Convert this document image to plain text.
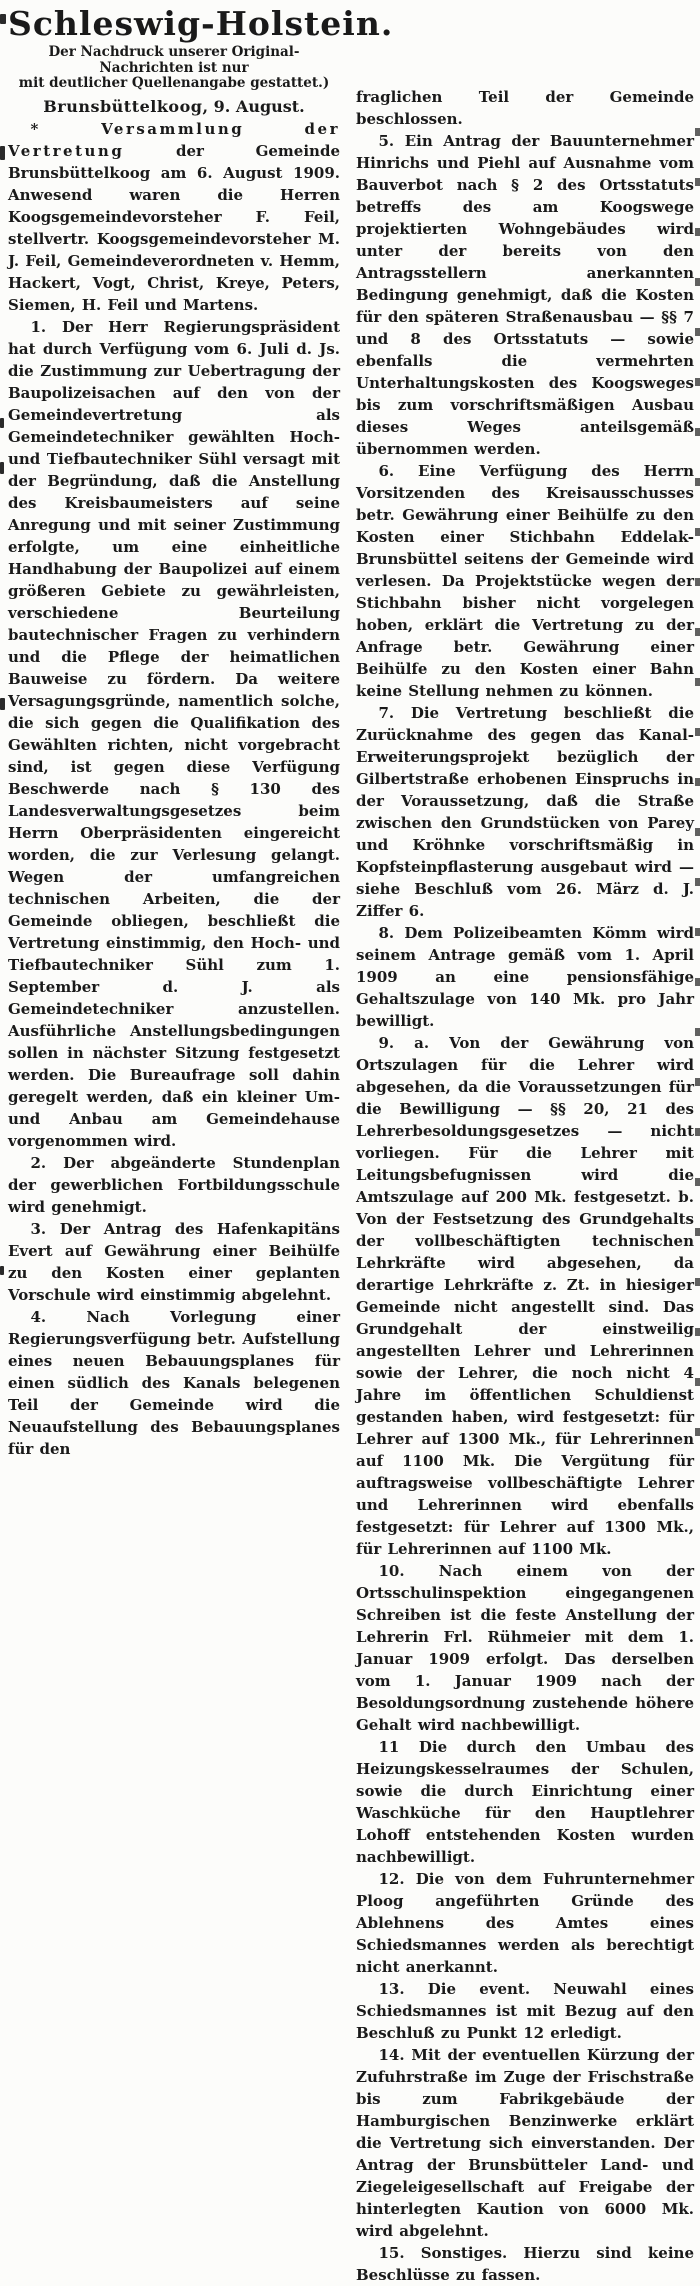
Schleswig-Holstein.
Der Nachdruck unserer Original-Nachrichten ist nur
mit deutlicher Quellenangabe gestattet.)
Brunsbüttelkoog, 9. August.

* Versammlung der Vertretung der Gemeinde Brunsbüttelkoog am 6. August 1909. Anwesend waren die Herren Koogsgemeindevorsteher F. Feil, stellvertr. Koogsgemeindevorsteher M. J. Feil, Gemeindeverordneten v. Hemm, Hackert, Vogt, Christ, Kreye, Peters, Siemen, H. Feil und Martens.

1. Der Herr Regierungspräsident hat durch Verfügung vom 6. Juli d. Js. die Zustimmung zur Uebertragung der Baupolizeisachen auf den von der Gemeindevertretung als Gemeindetechniker gewählten Hoch- und Tiefbautechniker Sühl versagt mit der Begründung, daß die Anstellung des Kreisbaumeisters auf seine Anregung und mit seiner Zustimmung erfolgte, um eine einheitliche Handhabung der Baupolizei auf einem größeren Gebiete zu gewährleisten, verschiedene Beurteilung bautechnischer Fragen zu verhindern und die Pflege der heimatlichen Bauweise zu fördern. Da weitere Versagungsgründe, namentlich solche, die sich gegen die Qualifikation des Gewählten richten, nicht vorgebracht sind, ist gegen diese Verfügung Beschwerde nach § 130 des Landesverwaltungsgesetzes beim Herrn Oberpräsidenten eingereicht worden, die zur Verlesung gelangt. Wegen der umfangreichen technischen Arbeiten, die der Gemeinde obliegen, beschließt die Vertretung einstimmig, den Hoch- und Tiefbautechniker Sühl zum 1. September d. J. als Gemeindetechniker anzustellen. Ausführliche Anstellungsbedingungen sollen in nächster Sitzung festgesetzt werden. Die Bureaufrage soll dahin geregelt werden, daß ein kleiner Um- und Anbau am Gemeindehause vorgenommen wird.

2. Der abgeänderte Stundenplan der gewerblichen Fortbildungsschule wird genehmigt.

3. Der Antrag des Hafenkapitäns Evert auf Gewährung einer Beihülfe zu den Kosten einer geplanten Vorschule wird einstimmig abgelehnt.

4. Nach Vorlegung einer Regierungsverfügung betr. Aufstellung eines neuen Bebauungsplanes für einen südlich des Kanals belegenen Teil der Gemeinde wird die Neuaufstellung des Bebauungsplanes für den

fraglichen Teil der Gemeinde beschlossen.

5. Ein Antrag der Bauunternehmer Hinrichs und Piehl auf Ausnahme vom Bauverbot nach § 2 des Ortsstatuts betreffs des am Koogswege projektierten Wohngebäudes wird unter der bereits von den Antragsstellern anerkannten Bedingung genehmigt, daß die Kosten für den späteren Straßenausbau — §§ 7 und 8 des Ortsstatuts — sowie ebenfalls die vermehrten Unterhaltungskosten des Koogsweges bis zum vorschriftsmäßigen Ausbau dieses Weges anteilsgemäß übernommen werden.

6. Eine Verfügung des Herrn Vorsitzenden des Kreisausschusses betr. Gewährung einer Beihülfe zu den Kosten einer Stichbahn Eddelak-Brunsbüttel seitens der Gemeinde wird verlesen. Da Projektstücke wegen der Stichbahn bisher nicht vorgelegen hoben, erklärt die Vertretung zu der Anfrage betr. Gewährung einer Beihülfe zu den Kosten einer Bahn keine Stellung nehmen zu können.

7. Die Vertretung beschließt die Zurücknahme des gegen das Kanal-Erweiterungsprojekt bezüglich der Gilbertstraße erhobenen Einspruchs in der Voraussetzung, daß die Straße zwischen den Grundstücken von Parey und Kröhnke vorschriftsmäßig in Kopfsteinpflasterung ausgebaut wird — siehe Beschluß vom 26. März d. J. Ziffer 6.

8. Dem Polizeibeamten Kömm wird seinem Antrage gemäß vom 1. April 1909 an eine pensionsfähige Gehaltszulage von 140 Mk. pro Jahr bewilligt.

9. a. Von der Gewährung von Ortszulagen für die Lehrer wird abgesehen, da die Voraussetzungen für die Bewilligung — §§ 20, 21 des Lehrerbesoldungsgesetzes — nicht vorliegen. Für die Lehrer mit Leitungsbefugnissen wird die Amtszulage auf 200 Mk. festgesetzt. b. Von der Festsetzung des Grundgehalts der vollbeschäftigten technischen Lehrkräfte wird abgesehen, da derartige Lehrkräfte z. Zt. in hiesiger Gemeinde nicht angestellt sind. Das Grundgehalt der einstweilig angestellten Lehrer und Lehrerinnen sowie der Lehrer, die noch nicht 4 Jahre im öffentlichen Schuldienst gestanden haben, wird festgesetzt: für Lehrer auf 1300 Mk., für Lehrerinnen auf 1100 Mk. Die Vergütung für auftragsweise vollbeschäftigte Lehrer und Lehrerinnen wird ebenfalls festgesetzt: für Lehrer auf 1300 Mk., für Lehrerinnen auf 1100 Mk.

10. Nach einem von der Ortsschulinspektion eingegangenen Schreiben ist die feste Anstellung der Lehrerin Frl. Rühmeier mit dem 1. Januar 1909 erfolgt. Das derselben vom 1. Januar 1909 nach der Besoldungsordnung zustehende höhere Gehalt wird nachbewilligt.

11 Die durch den Umbau des Heizungskesselraumes der Schulen, sowie die durch Einrichtung einer Waschküche für den Hauptlehrer Lohoff entstehenden Kosten wurden nachbewilligt.

12. Die von dem Fuhrunternehmer Ploog angeführten Gründe des Ablehnens des Amtes eines Schiedsmannes werden als berechtigt nicht anerkannt.

13. Die event. Neuwahl eines Schiedsmannes ist mit Bezug auf den Beschluß zu Punkt 12 erledigt.

14. Mit der eventuellen Kürzung der Zufuhrstraße im Zuge der Frischstraße bis zum Fabrikgebäude der Hamburgischen Benzinwerke erklärt die Vertretung sich einverstanden. Der Antrag der Brunsbütteler Land- und Ziegeleigesellschaft auf Freigabe der hinterlegten Kaution von 6000 Mk. wird abgelehnt.

15. Sonstiges. Hierzu sind keine Beschlüsse zu fassen.
